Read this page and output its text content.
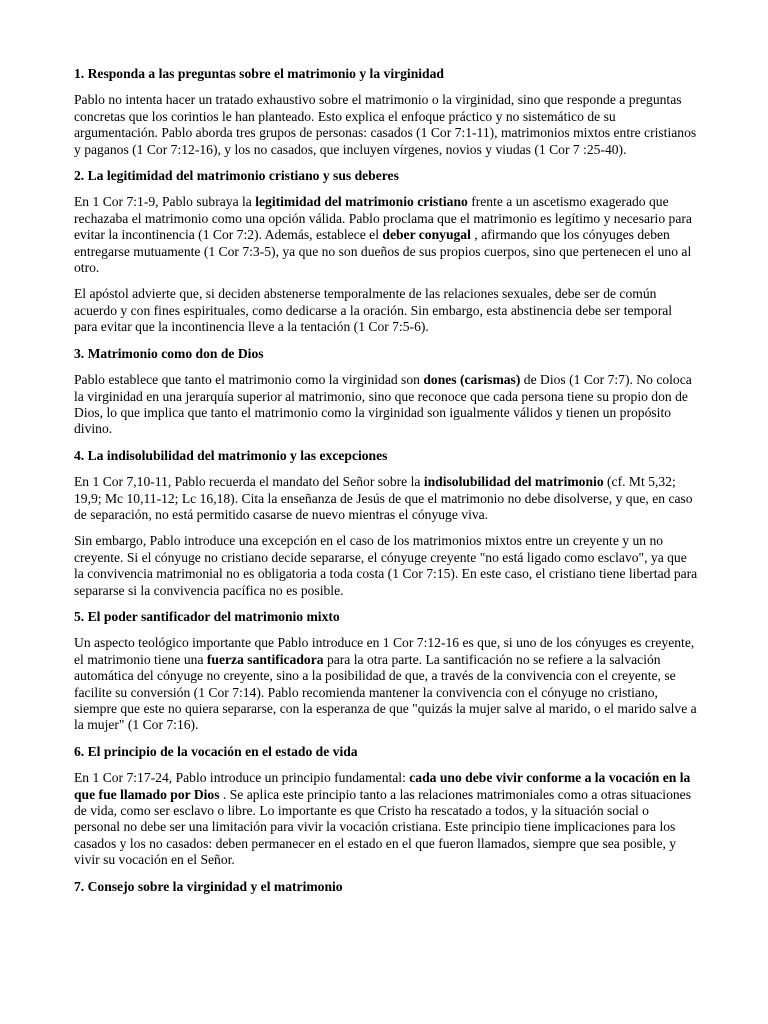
1. Responda a las preguntas sobre el matrimonio y la virginidad

Pablo no intenta hacer un tratado exhaustivo sobre el matrimonio o la virginidad, sino que responde a preguntas concretas que los corintios le han planteado. Esto explica el enfoque práctico y no sistemático de su argumentación. Pablo aborda tres grupos de personas: casados (1 Cor 7:1-11), matrimonios mixtos entre cristianos y paganos (1 Cor 7:12-16), y los no casados, que incluyen vírgenes, novios y viudas (1 Cor 7 :25-40).

2. La legitimidad del matrimonio cristiano y sus deberes

En 1 Cor 7:1-9, Pablo subraya la legitimidad del matrimonio cristiano frente a un ascetismo exagerado que rechazaba el matrimonio como una opción válida. Pablo proclama que el matrimonio es legítimo y necesario para evitar la incontinencia (1 Cor 7:2). Además, establece el deber conyugal , afirmando que los cónyuges deben entregarse mutuamente (1 Cor 7:3-5), ya que no son dueños de sus propios cuerpos, sino que pertenecen el uno al otro.

El apóstol advierte que, si deciden abstenerse temporalmente de las relaciones sexuales, debe ser de común acuerdo y con fines espirituales, como dedicarse a la oración. Sin embargo, esta abstinencia debe ser temporal para evitar que la incontinencia lleve a la tentación (1 Cor 7:5-6).

3. Matrimonio como don de Dios

Pablo establece que tanto el matrimonio como la virginidad son dones (carismas) de Dios (1 Cor 7:7). No coloca la virginidad en una jerarquía superior al matrimonio, sino que reconoce que cada persona tiene su propio don de Dios, lo que implica que tanto el matrimonio como la virginidad son igualmente válidos y tienen un propósito divino.

4. La indisolubilidad del matrimonio y las excepciones

En 1 Cor 7,10-11, Pablo recuerda el mandato del Señor sobre la indisolubilidad del matrimonio (cf. Mt 5,32; 19,9; Mc 10,11-12; Lc 16,18). Cita la enseñanza de Jesús de que el matrimonio no debe disolverse, y que, en caso de separación, no está permitido casarse de nuevo mientras el cónyuge viva.

Sin embargo, Pablo introduce una excepción en el caso de los matrimonios mixtos entre un creyente y un no creyente. Si el cónyuge no cristiano decide separarse, el cónyuge creyente "no está ligado como esclavo", ya que la convivencia matrimonial no es obligatoria a toda costa (1 Cor 7:15). En este caso, el cristiano tiene libertad para separarse si la convivencia pacífica no es posible.

5. El poder santificador del matrimonio mixto

Un aspecto teológico importante que Pablo introduce en 1 Cor 7:12-16 es que, si uno de los cónyuges es creyente, el matrimonio tiene una fuerza santificadora para la otra parte. La santificación no se refiere a la salvación automática del cónyuge no creyente, sino a la posibilidad de que, a través de la convivencia con el creyente, se facilite su conversión (1 Cor 7:14). Pablo recomienda mantener la convivencia con el cónyuge no cristiano, siempre que este no quiera separarse, con la esperanza de que "quizás la mujer salve al marido, o el marido salve a la mujer" (1 Cor 7:16).

6. El principio de la vocación en el estado de vida

En 1 Cor 7:17-24, Pablo introduce un principio fundamental: cada uno debe vivir conforme a la vocación en la que fue llamado por Dios . Se aplica este principio tanto a las relaciones matrimoniales como a otras situaciones de vida, como ser esclavo o libre. Lo importante es que Cristo ha rescatado a todos, y la situación social o personal no debe ser una limitación para vivir la vocación cristiana. Este principio tiene implicaciones para los casados y los no casados: deben permanecer en el estado en el que fueron llamados, siempre que sea posible, y vivir su vocación en el Señor.

7. Consejo sobre la virginidad y el matrimonio
